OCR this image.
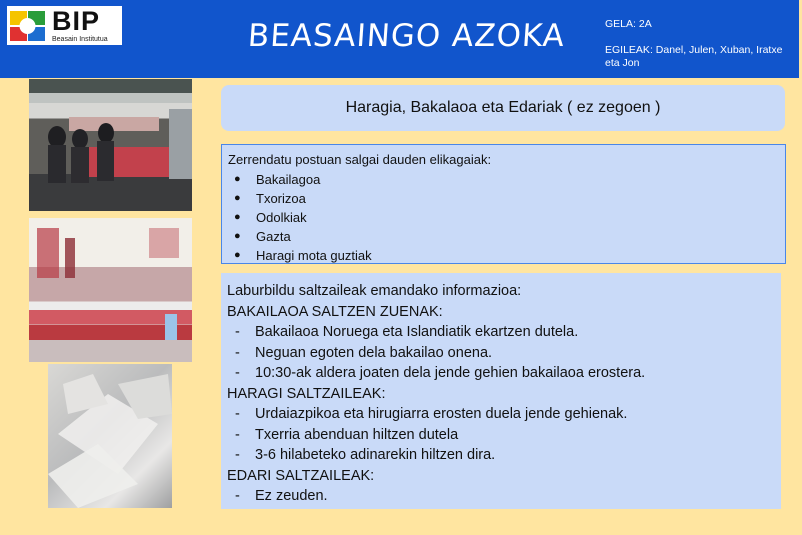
BIP
Beasain Institutua	BEASAINGO AZOKA	GELA: 2A
EGILEAK: Danel, Julen, Xuban, Iratxe eta Jon
Haragia, Bakalaoa eta Edariak ( ez zegoen )
Zerrendatu postuan salgai dauden elikagaiak:
●	Bakailagoa
●	Txorizoa
●	Odolkiak
●	Gazta
●	Haragi mota guztiak
Laburbildu saltzaileak emandako informazioa:
BAKAILAOA SALTZEN ZUENAK:
-	Bakailaoa Noruega eta Islandiatik ekartzen dutela.
-	Neguan egoten dela bakailao onena.
-	10:30-ak aldera joaten dela jende gehien bakailaoa erostera.
HARAGI SALTZAILEAK:
-	Urdaiazpikoa eta hirugiarra erosten duela jende gehienak.
-	Txerria abenduan hiltzen dutela
-	3-6 hilabeteko adinarekin hiltzen dira.
EDARI SALTZAILEAK:
-	Ez zeuden.
